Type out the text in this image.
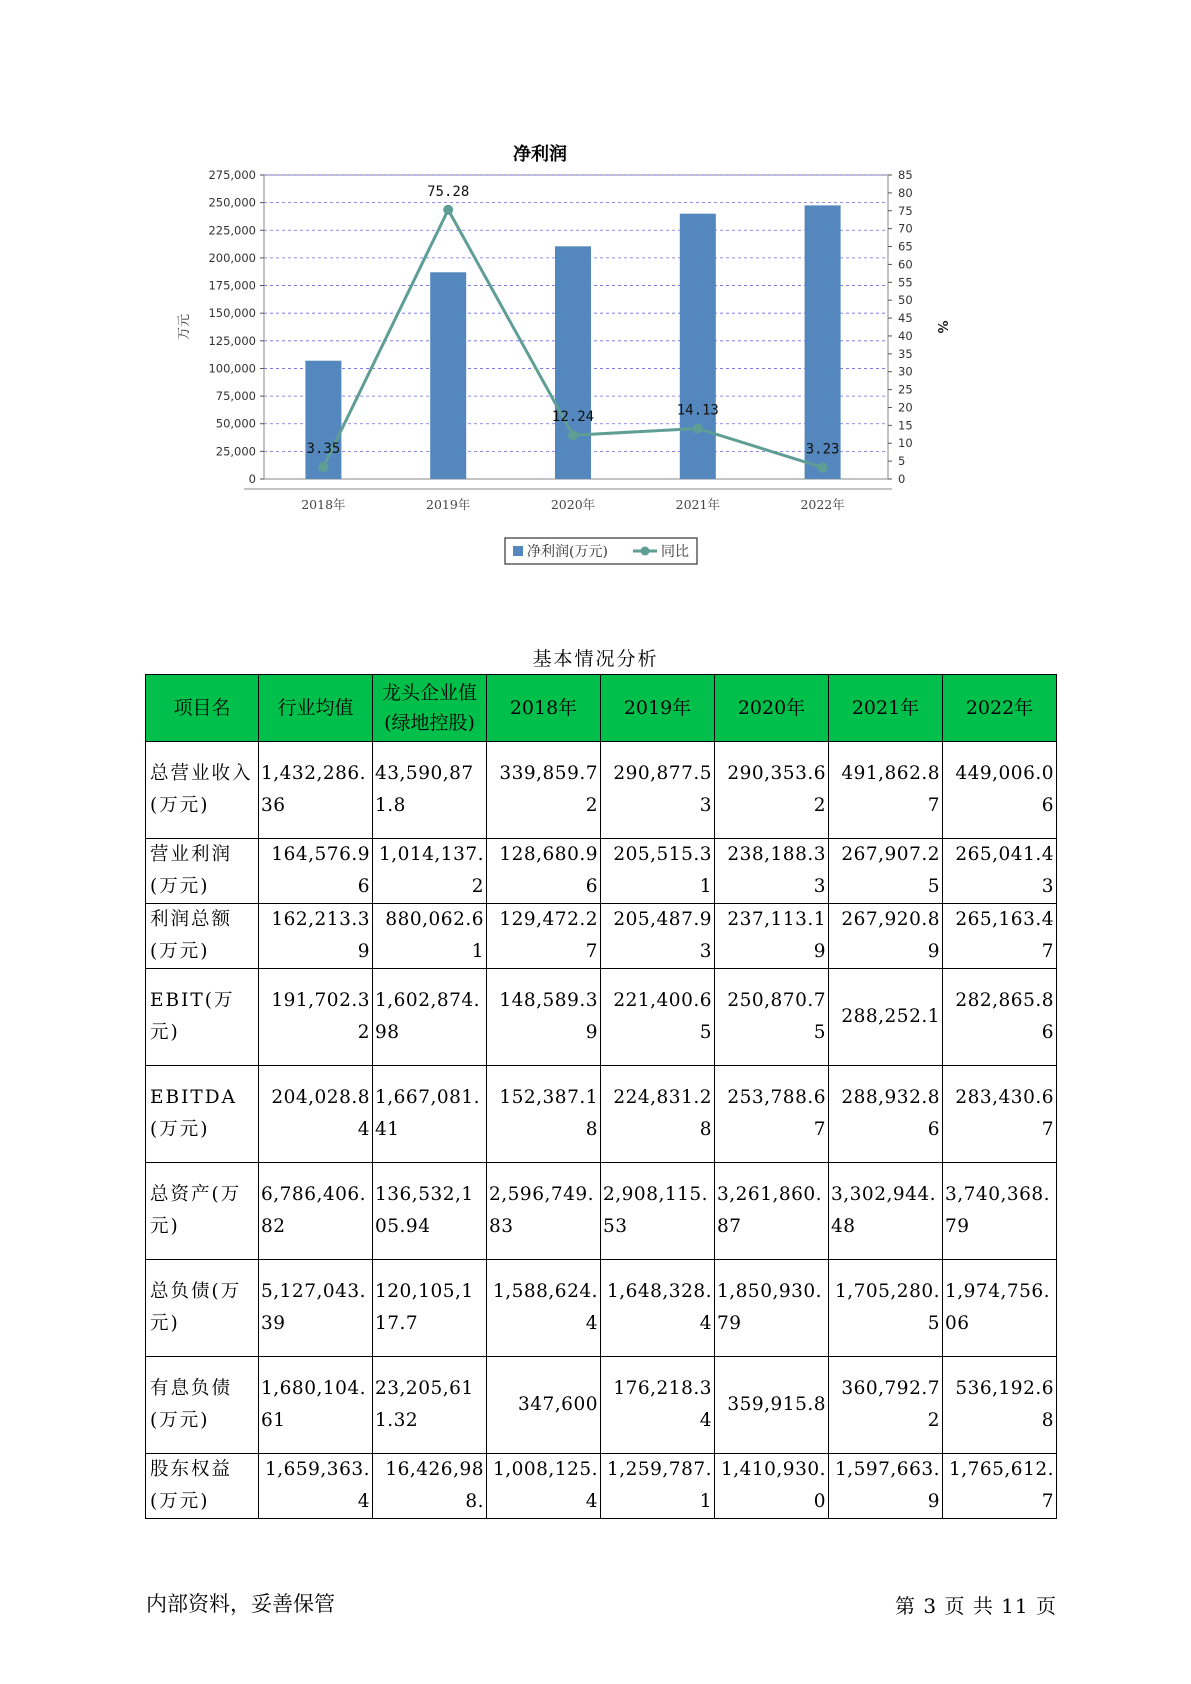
净利润
0
25,000
50,000
75,000
100,000
125,000
150,000
175,000
200,000
225,000
250,000
275,000
0
5
10
15
20
25
30
35
40
45
50
55
60
65
70
75
80
85
万元	%
2018年	2019年	2020年	2021年	2022年
3.35
75.28
12.24	14.13
3.23
净利润(万元)	同比
基本情况分析
项目名	行业均值	龙头企业值(绿地控股)	2018年	2019年	2020年	2021年	2022年
总营业收入(万元)	1,432,286.36	43,590,871.8	339,859.72	290,877.53	290,353.62	491,862.87	449,006.06
营业利润(万元)	164,576.96	1,014,137.2	128,680.96	205,515.31	238,188.33	267,907.25	265,041.43
利润总额(万元)	162,213.39	880,062.61	129,472.27	205,487.93	237,113.19	267,920.89	265,163.47
EBIT(万元)	191,702.32	1,602,874.98	148,589.39	221,400.65	250,870.75	288,252.1	282,865.86
EBITDA(万元)	204,028.84	1,667,081.41	152,387.18	224,831.28	253,788.67	288,932.86	283,430.67
总资产(万元)	6,786,406.82	136,532,105.94	2,596,749.83	2,908,115.53	3,261,860.87	3,302,944.48	3,740,368.79
总负债(万元)	5,127,043.39	120,105,117.7	1,588,624.4	1,648,328.4	1,850,930.79	1,705,280.5	1,974,756.06
有息负债(万元)	1,680,104.61	23,205,611.32	347,600	176,218.34	359,915.8	360,792.72	536,192.68
股东权益(万元)	1,659,363.4	16,426,988.	1,008,125.4	1,259,787.1	1,410,930.0	1,597,663.9	1,765,612.7
内部资料，妥善保管	第 3 页 共 11 页
